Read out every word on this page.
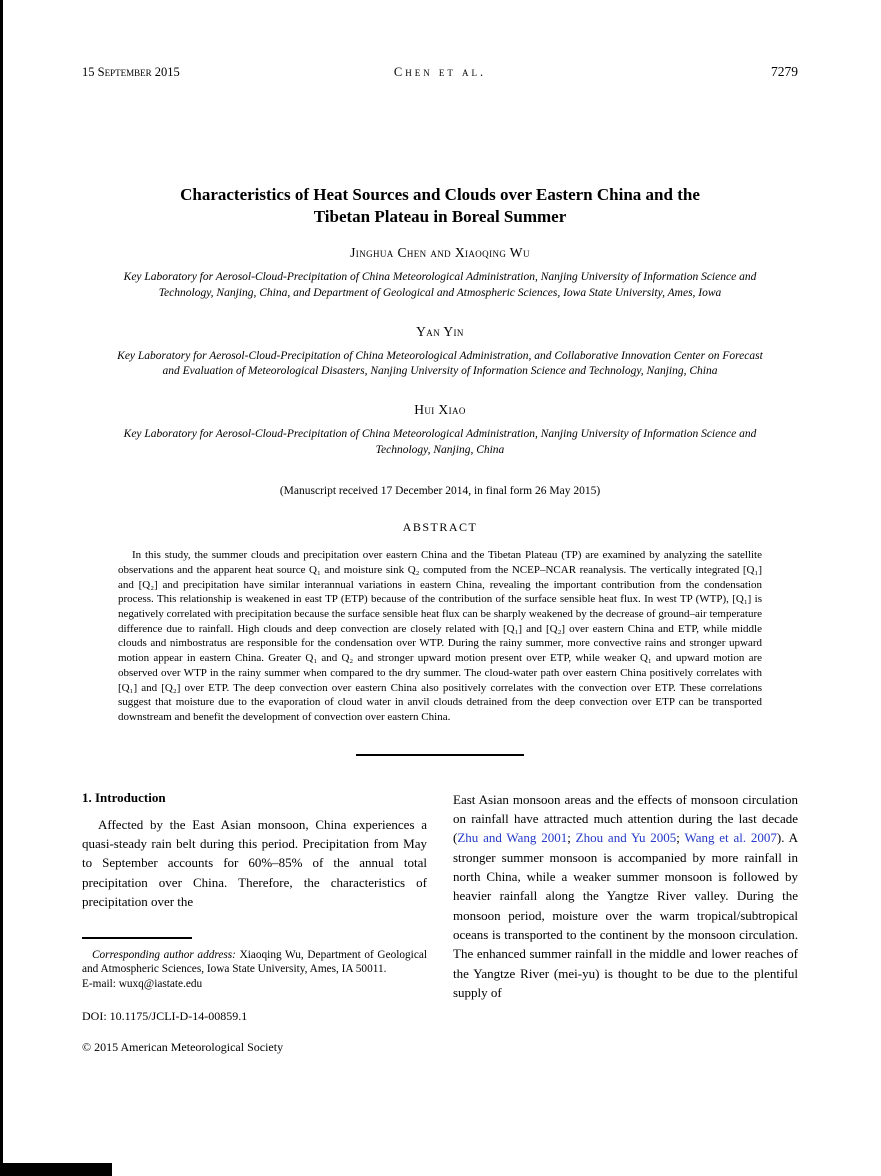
15 September 2015	Chen et al.	7279
Characteristics of Heat Sources and Clouds over Eastern China and the
Tibetan Plateau in Boreal Summer
Jinghua Chen and Xiaoqing Wu
Key Laboratory for Aerosol-Cloud-Precipitation of China Meteorological Administration, Nanjing University of Information Science and Technology, Nanjing, China, and Department of Geological and Atmospheric Sciences, Iowa State University, Ames, Iowa
Yan Yin
Key Laboratory for Aerosol-Cloud-Precipitation of China Meteorological Administration, and Collaborative Innovation Center on Forecast and Evaluation of Meteorological Disasters, Nanjing University of Information Science and Technology, Nanjing, China
Hui Xiao
Key Laboratory for Aerosol-Cloud-Precipitation of China Meteorological Administration, Nanjing University of Information Science and Technology, Nanjing, China
(Manuscript received 17 December 2014, in final form 26 May 2015)
ABSTRACT

In this study, the summer clouds and precipitation over eastern China and the Tibetan Plateau (TP) are examined by analyzing the satellite observations and the apparent heat source Q₁ and moisture sink Q₂ computed from the NCEP–NCAR reanalysis. The vertically integrated [Q₁] and [Q₂] and precipitation have similar interannual variations in eastern China, revealing the important contribution from the condensation process. This relationship is weakened in east TP (ETP) because of the contribution of the surface sensible heat flux. In west TP (WTP), [Q₁] is negatively correlated with precipitation because the surface sensible heat flux can be sharply weakened by the decrease of ground–air temperature difference due to rainfall. High clouds and deep convection are closely related with [Q₁] and [Q₂] over eastern China and ETP, while middle clouds and nimbostratus are responsible for the condensation over WTP. During the rainy summer, more convective rains and stronger upward motion appear in eastern China. Greater Q₁ and Q₂ and stronger upward motion present over ETP, while weaker Q₁ and upward motion are observed over WTP in the rainy summer when compared to the dry summer. The cloud-water path over eastern China positively correlates with [Q₁] and [Q₂] over ETP. The deep convection over eastern China also positively correlates with the convection over ETP. These correlations suggest that moisture due to the evaporation of cloud water in anvil clouds detrained from the deep convection over ETP can be transported downstream and benefit the development of convection over eastern China.

1. Introduction

Affected by the East Asian monsoon, China experiences a quasi-steady rain belt during this period. Precipitation from May to September accounts for 60%–85% of the annual total precipitation over China. Therefore, the characteristics of precipitation over the

Corresponding author address: Xiaoqing Wu, Department of Geological and Atmospheric Sciences, Iowa State University, Ames, IA 50011.

E-mail: wuxq@iastate.edu

DOI: 10.1175/JCLI-D-14-00859.1

© 2015 American Meteorological Society

East Asian monsoon areas and the effects of monsoon circulation on rainfall have attracted much attention during the last decade (Zhu and Wang 2001; Zhou and Yu 2005; Wang et al. 2007). A stronger summer monsoon is accompanied by more rainfall in north China, while a weaker summer monsoon is followed by heavier rainfall along the Yangtze River valley. During the monsoon period, moisture over the warm tropical/subtropical oceans is transported to the continent by the monsoon circulation. The enhanced summer rainfall in the middle and lower reaches of the Yangtze River (mei-yu) is thought to be due to the plentiful supply of
